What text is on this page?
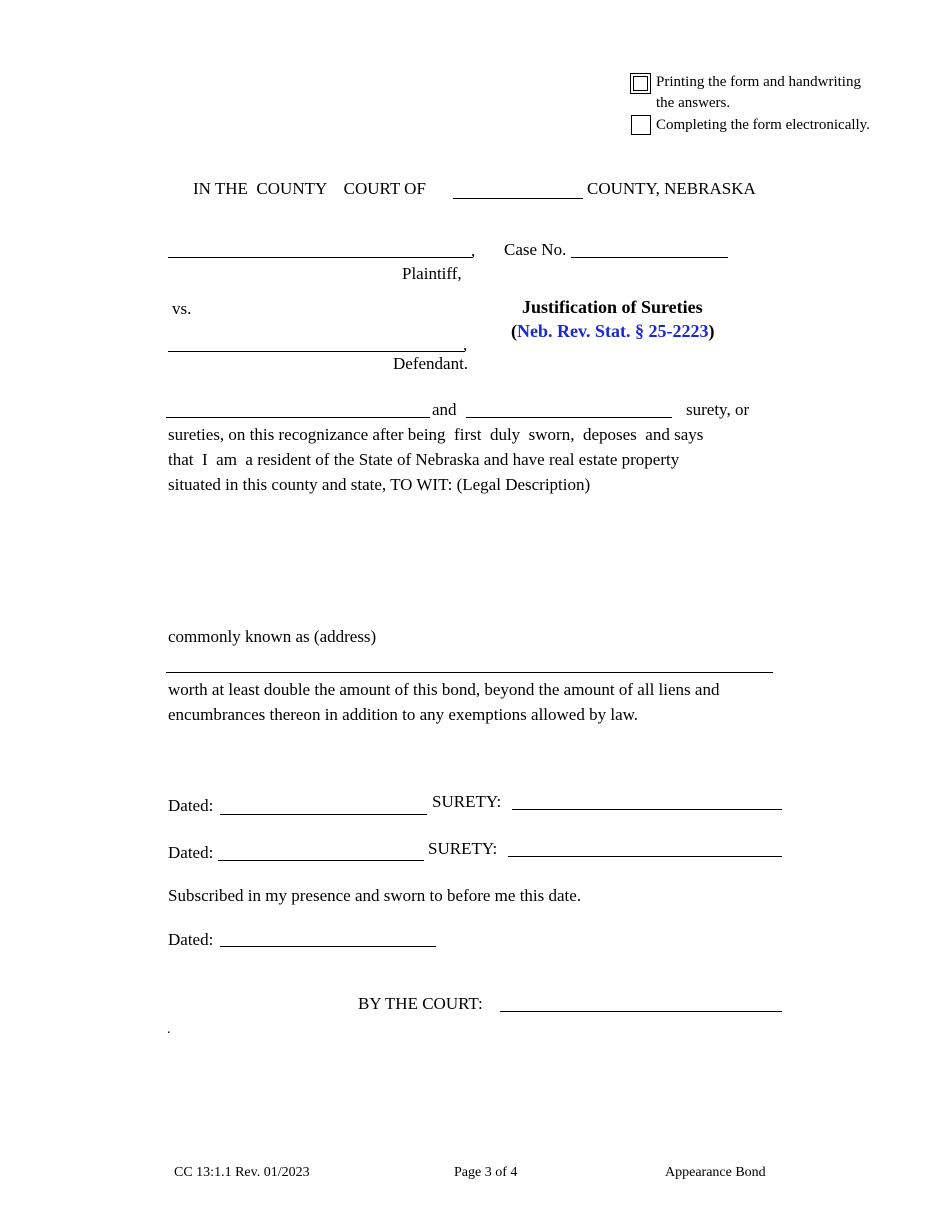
Printing the form and handwriting
the answers.
Completing the form electronically.
IN THE  COUNTY    COURT OF	COUNTY, NEBRASKA
, Case No.
Plaintiff,
vs.	Justification of Sureties
(Neb. Rev. Stat. § 25-2223)
,
Defendant.
and	surety, or
sureties, on this recognizance after being  first  duly  sworn,  deposes  and says
that  I  am  a resident of the State of Nebraska and have real estate property
situated in this county and state, TO WIT: (Legal Description)
commonly known as (address)
worth at least double the amount of this bond, beyond the amount of all liens and
encumbrances thereon in addition to any exemptions allowed by law.
Dated:	SURETY:
Dated:	SURETY:
Subscribed in my presence and sworn to before me this date.
Dated:
BY THE COURT:
.
CC 13:1.1 Rev. 01/2023	Page 3 of 4	Appearance Bond
